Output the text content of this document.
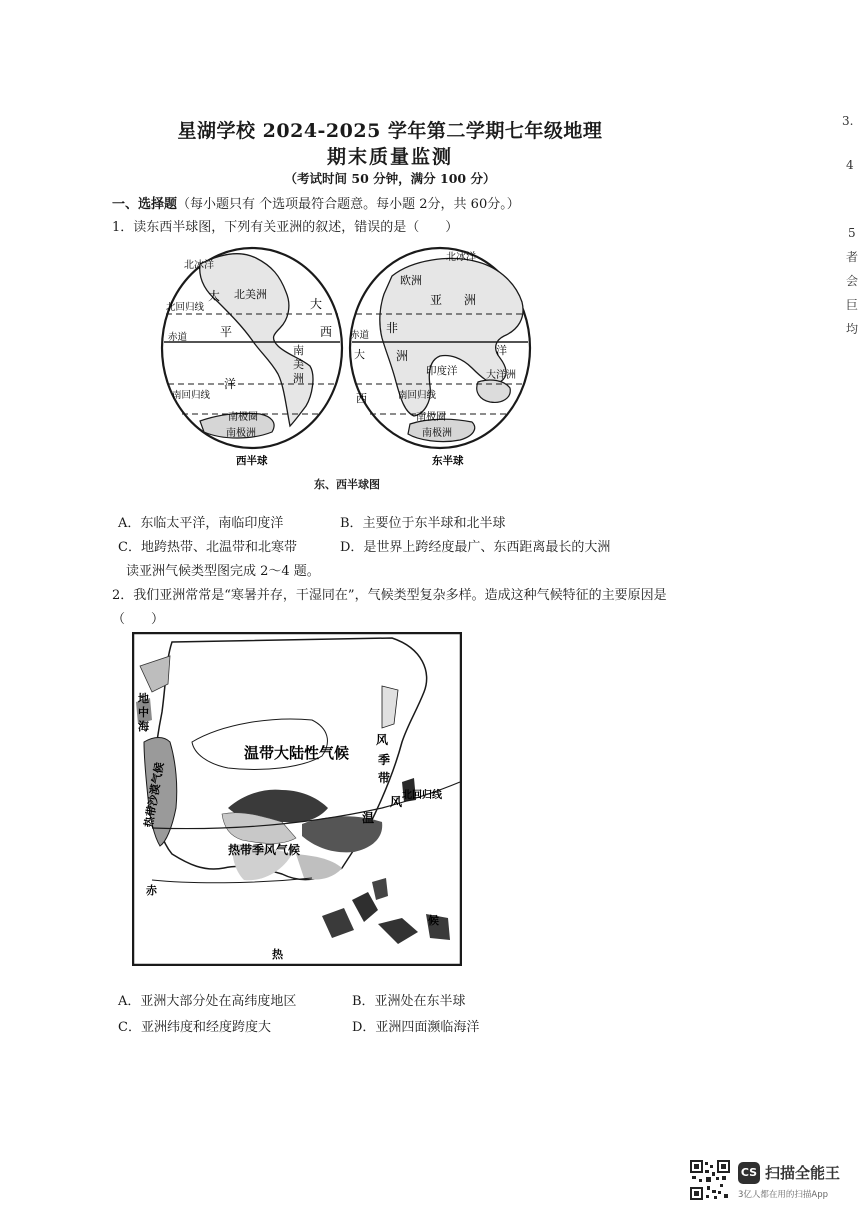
星湖学校 2024-2025 学年第二学期七年级地理
期末质量监测
（考试时间 50 分钟，满分 100 分）
一、选择题（每小题只有 个选项最符合题意。每小题 2分，共 60分。）
1．读东西半球图，下列有关亚洲的叙述，错误的是（　　）
北冰洋
太 北美洲
北回归线	大
平	西
赤道
南
美
洲
洋
南回归线
南极圈
南极洲
北冰洋
欧洲
亚 洲
非
洲
大
赤道
印度洋
洋
南回归线
西
大洋洲
南极圈
南极洲
西半球	东半球
东、西半球图
A．东临太平洋，南临印度洋	B．主要位于东半球和北半球
C．地跨热带、北温带和北寒带	D．是世界上跨经度最广、东西距离最长的大洲
读亚洲气候类型图完成 2～4 题。
2．我们亚洲常常是“寒暑并存，干湿同在”，气候类型复杂多样。造成这种气候特征的主要原因是
（　　）
温带大陆性气候
风
季
带
温
风
热带季风气候
北回归线
地
中
海
热带沙漠气候
赤
热
候
A．亚洲大部分处在高纬度地区	B．亚洲处在东半球
C．亚洲纬度和经度跨度大	D．亚洲四面濒临海洋
3.
4
5
者
会
巨
均
CS 扫描全能王
3亿人都在用的扫描App
